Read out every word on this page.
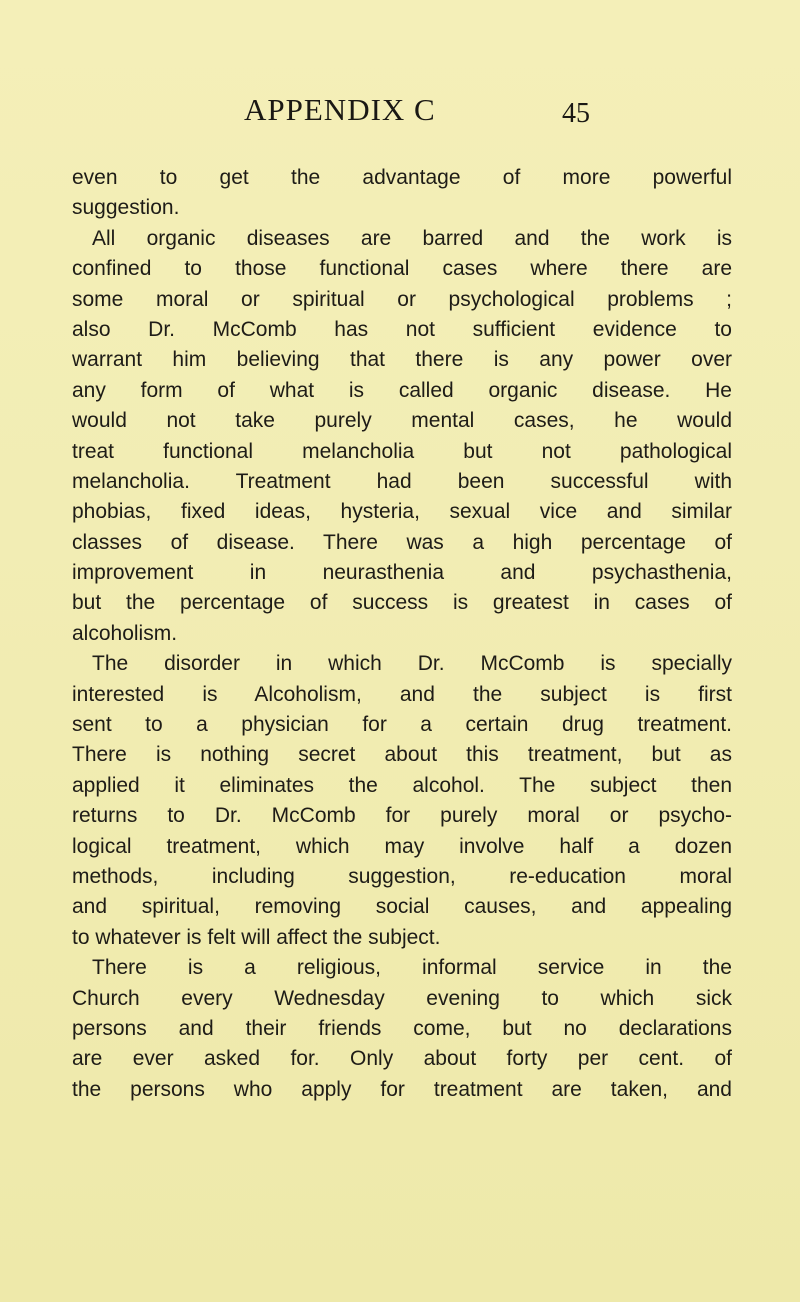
APPENDIX C	45
even to get the advantage of more powerful
suggestion.
All organic diseases are barred and the work is
confined to those functional cases where there are
some moral or spiritual or psychological problems ;
also Dr. McComb has not sufficient evidence to
warrant him believing that there is any power over
any form of what is called organic disease. He
would not take purely mental cases, he would
treat functional melancholia but not pathological
melancholia. Treatment had been successful with
phobias, fixed ideas, hysteria, sexual vice and similar
classes of disease. There was a high percentage of
improvement in neurasthenia and psychasthenia,
but the percentage of success is greatest in cases of
alcoholism.
The disorder in which Dr. McComb is specially
interested is Alcoholism, and the subject is first
sent to a physician for a certain drug treatment.
There is nothing secret about this treatment, but as
applied it eliminates the alcohol. The subject then
returns to Dr. McComb for purely moral or psycho-
logical treatment, which may involve half a dozen
methods, including suggestion, re-education moral
and spiritual, removing social causes, and appealing
to whatever is felt will affect the subject.
There is a religious, informal service in the
Church every Wednesday evening to which sick
persons and their friends come, but no declarations
are ever asked for. Only about forty per cent. of
the persons who apply for treatment are taken, and
